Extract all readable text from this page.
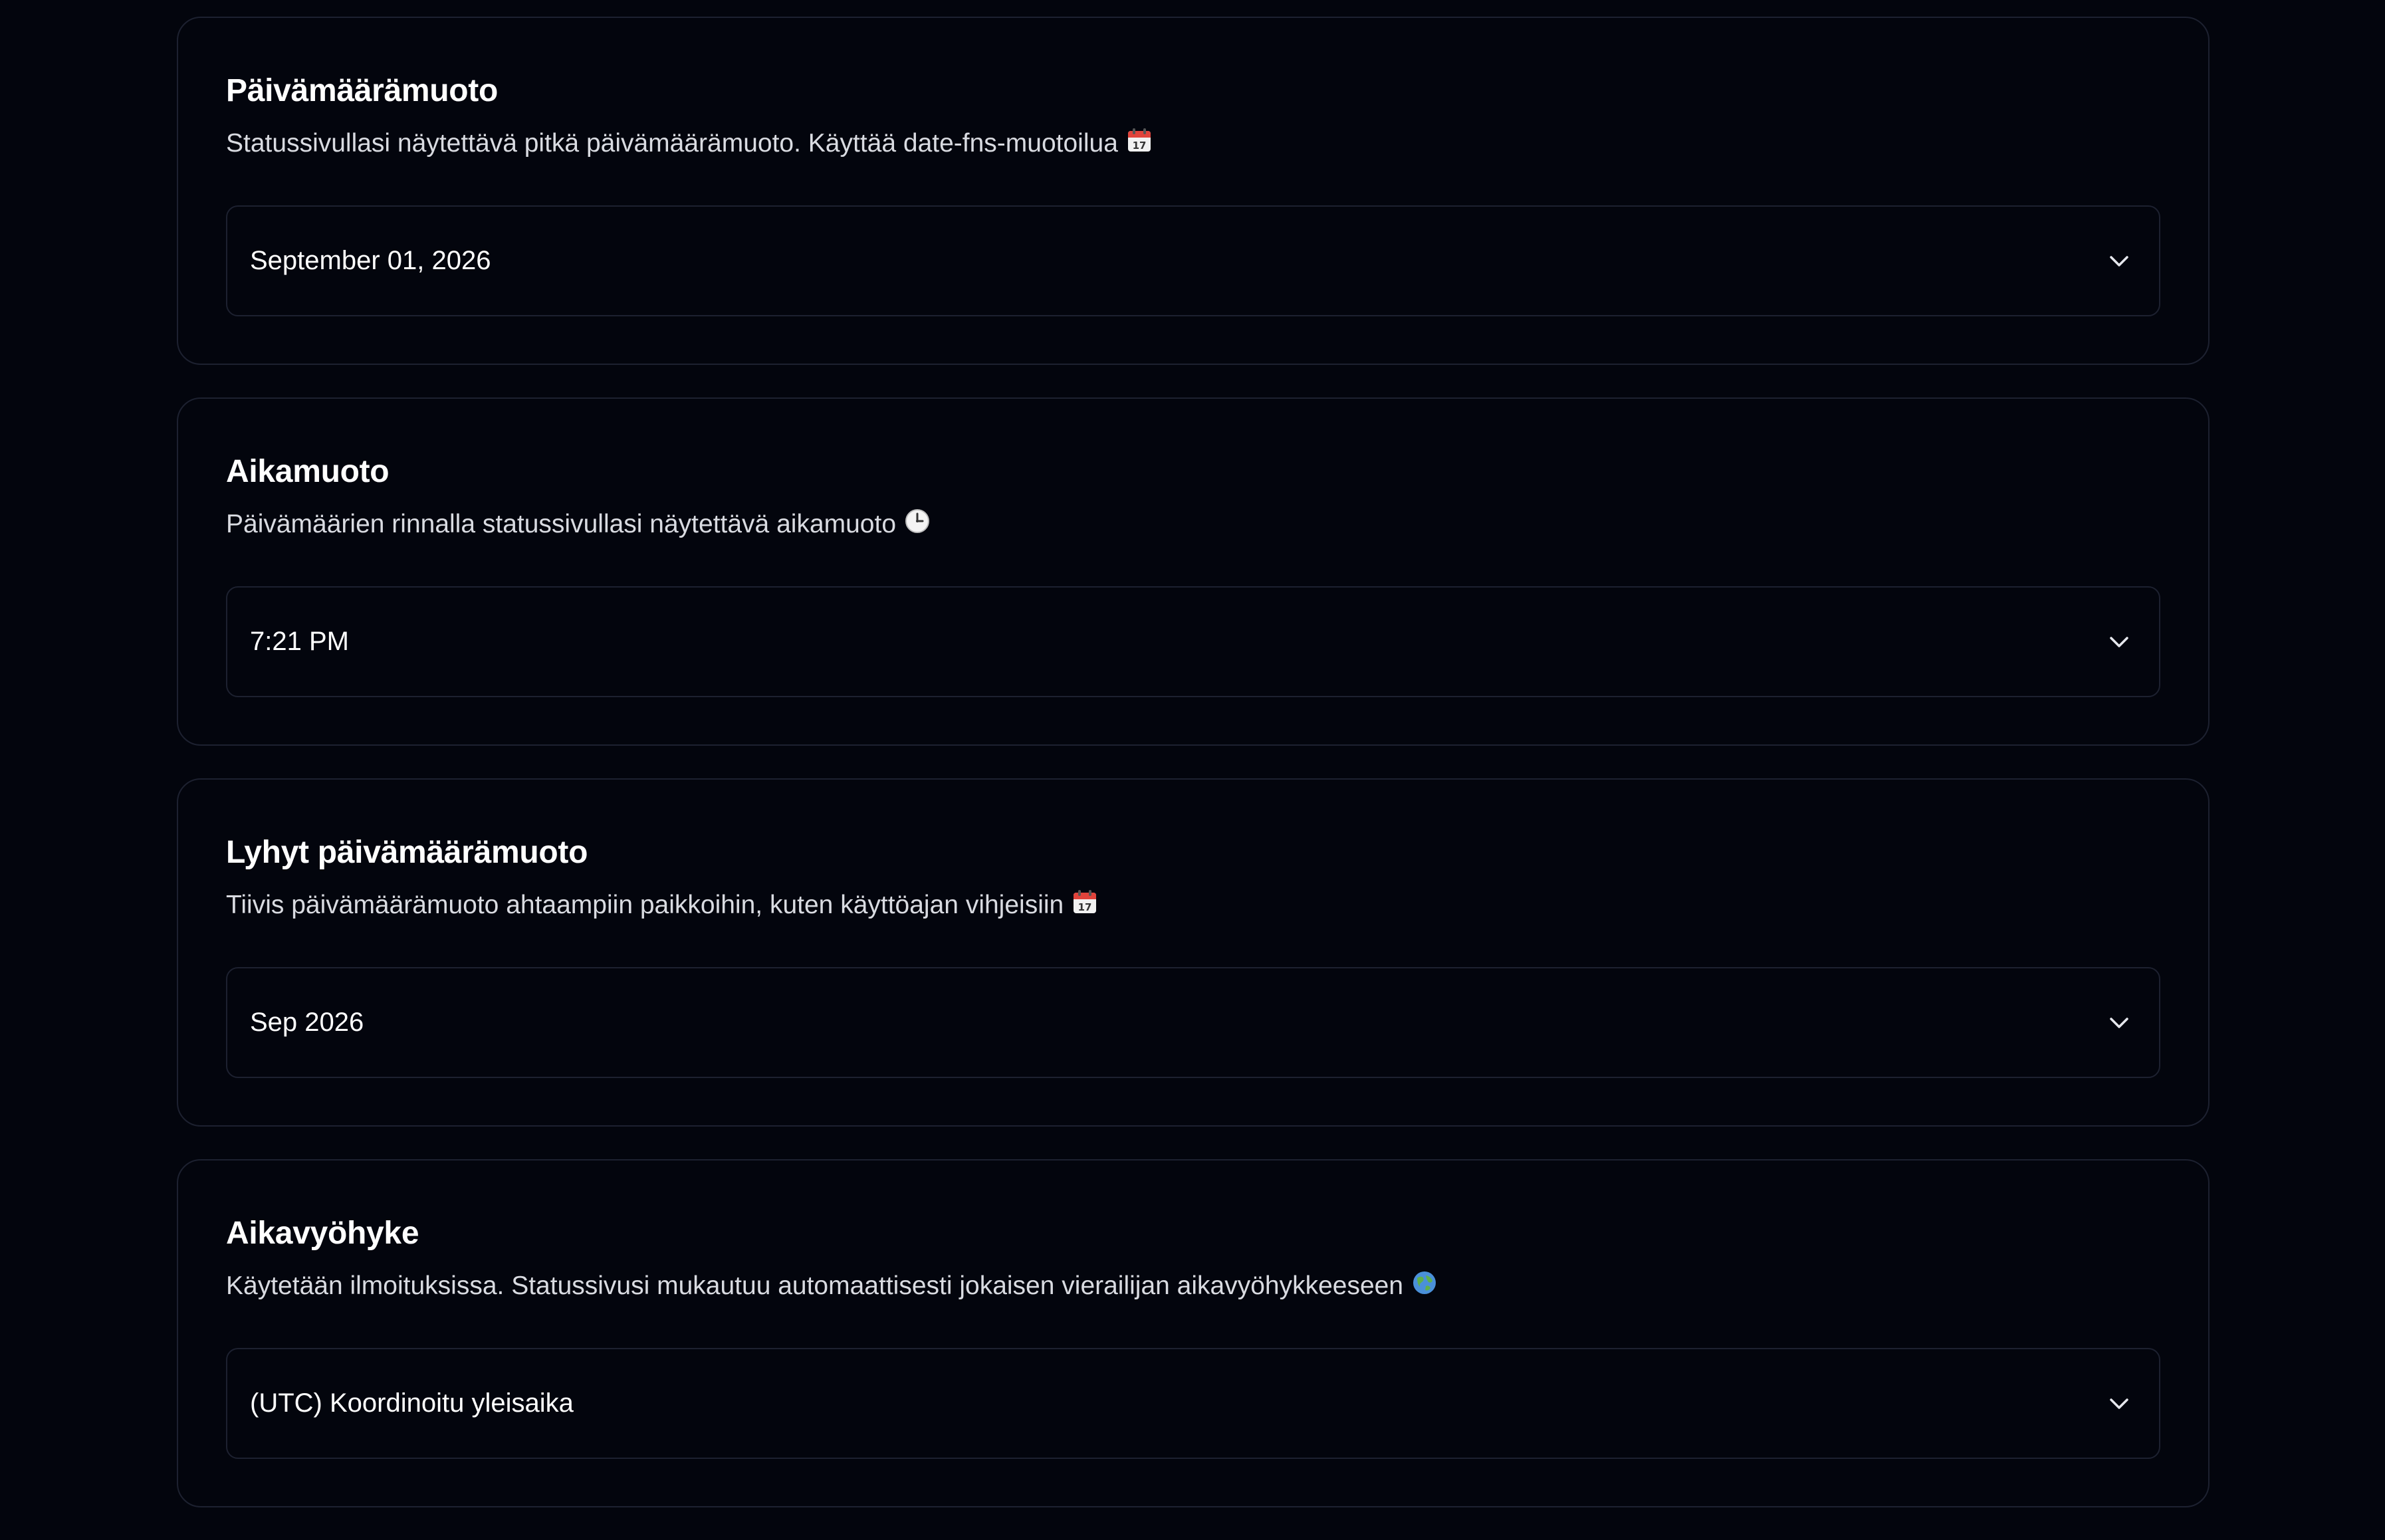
Päivämäärämuoto

Statussivullasi näytettävä pitkä päivämäärämuoto. Käyttää date-fns-muotoilua 17

September 01, 2026
Aikamuoto

Päivämäärien rinnalla statussivullasi näytettävä aikamuoto

7:21 PM
Lyhyt päivämäärämuoto

Tiivis päivämäärämuoto ahtaampiin paikkoihin, kuten käyttöajan vihjeisiin 17

Sep 2026
Aikavyöhyke

Käytetään ilmoituksissa. Statussivusi mukautuu automaattisesti jokaisen vierailijan aikavyöhykkeeseen

(UTC) Koordinoitu yleisaika
